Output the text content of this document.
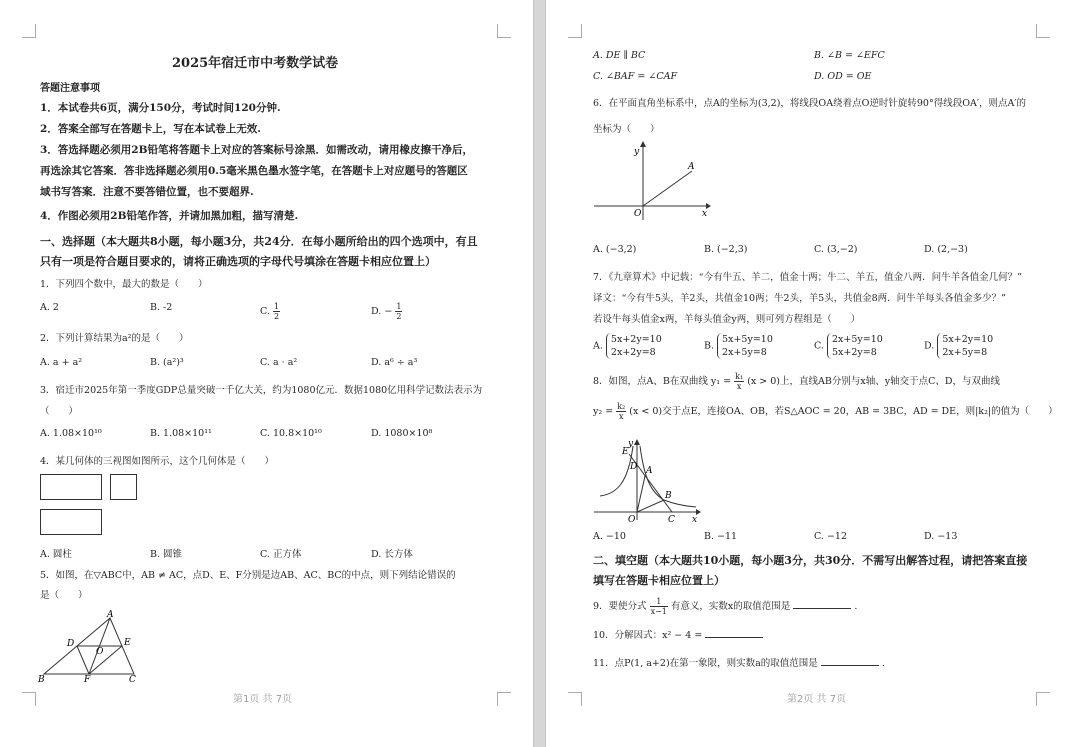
2025年宿迁市中考数学试卷
答题注意事项
1．本试卷共6页，满分150分，考试时间120分钟.
2．答案全部写在答题卡上，写在本试卷上无效.
3．答选择题必须用2B铅笔将答题卡上对应的答案标号涂黑．如需改动，请用橡皮擦干净后，
再选涂其它答案．答非选择题必须用0.5毫米黑色墨水签字笔，在答题卡上对应题号的答题区
域书写答案．注意不要答错位置，也不要超界.
4．作图必须用2B铅笔作答，并请加黑加粗，描写清楚.
一、选择题（本大题共8小题，每小题3分，共24分．在每小题所给出的四个选项中，有且
只有一项是符合题目要求的，请将正确选项的字母代号填涂在答题卡相应位置上）
1．下列四个数中，最大的数是（　　）
A. 2	B. -2	C. $\frac{1}{2}$	D. − $\frac{1}{2}$
2．下列计算结果为a²的是（　　）
A. a + a²	B. (a²)³	C. a · a²	D. a⁶ ÷ a³
3．宿迁市2025年第一季度GDP总量突破一千亿大关，约为1080亿元．数据1080亿用科学记数法表示为
（　　）
A. 1.08×10¹⁰	B. 1.08×10¹¹	C. 10.8×10¹⁰	D. 1080×10⁸
4．某几何体的三视图如图所示，这个几何体是（　　）
A. 圆柱	B. 圆锥	C. 正方体	D. 长方体
5．如图，在▽ABC中，AB ≠ AC，点D、E、F分别是边AB、AC、BC的中点，则下列结论错误的
是（　　）
A
B	C
D	E
F
O
第1页 共 7页
A. DE ∥ BC	B. ∠B = ∠EFC
C. ∠BAF = ∠CAF	D. OD = OE
6．在平面直角坐标系中，点A的坐标为(3,2)，将线段OA绕着点O逆时针旋转90°得线段OA′，则点A′的
坐标为（　　）
y
x
O
A
A. (−3,2)	B. (−2,3)	C. (3,−2)	D. (2,−3)
7．《九章算术》中记载：“今有牛五、羊二，值金十两；牛二、羊五，值金八两．问牛羊各值金几何？”
译文：“今有牛5头，羊2头，共值金10两；牛2头，羊5头，共值金8两．问牛羊每头各值金多少？”
若设牛每头值金x两，羊每头值金y两，则可列方程组是（　　）
A.
5x+2y=10
2x+2y=8
B.
5x+5y=10
2x+5y=8
C.
2x+5y=10
5x+2y=8
D.
5x+2y=10
2x+5y=8
8．如图，点A、B在双曲线 $y_1 = \frac{\text{k₁}}{x} (x > 0)$上，直线AB分别与x轴、y轴交于点C、D，与双曲线
$y_2 = \frac{\text{k₂}}{x} (x < 0)$交于点E，连接OA、OB，若S△AOC = 20，AB = 3BC，AD = DE，则|k₂|的值为（　　）
E
D A
B
C
O	x
y
A. −10	B. −11	C. −12	D. −13
二、填空题（本大题共10小题，每小题3分，共30分．不需写出解答过程，请把答案直接
填写在答题卡相应位置上）
9．要使分式 $\frac{1}{x-1}$ 有意义，实数x的取值范围是	.
10．分解因式：x² − 4 =
11．点P(1, a+2)在第一象限，则实数a的取值范围是	.
第2页 共 7页
